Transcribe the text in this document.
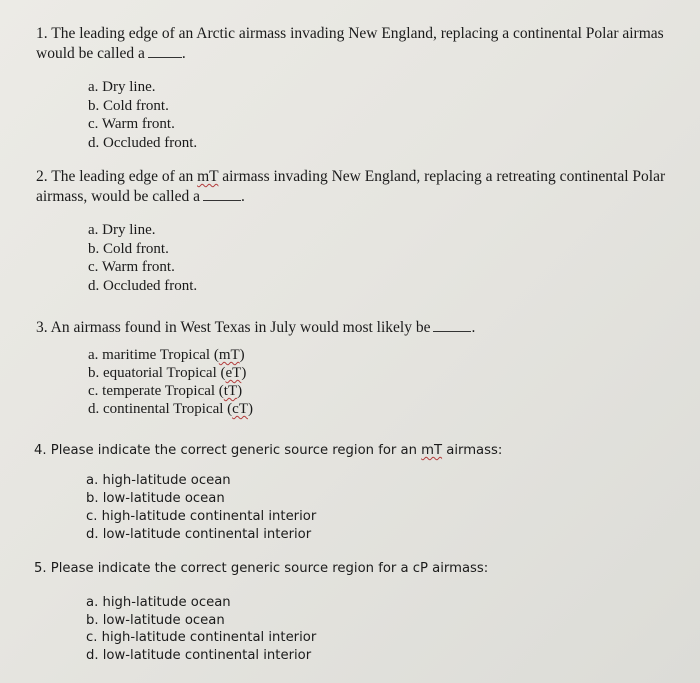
1. The leading edge of an Arctic airmass invading New England, replacing a continental Polar airmas
would be called a .
a. Dry line.
b. Cold front.
c. Warm front.
d. Occluded front.
2. The leading edge of an mT airmass invading New England, replacing a retreating continental Polar
airmass, would be called a	.
a. Dry line.
b. Cold front.
c. Warm front.
d. Occluded front.
3. An airmass found in West Texas in July would most likely be	.
a. maritime Tropical (mT)
b. equatorial Tropical (eT)
c. temperate Tropical (tT)
d. continental Tropical (cT)
4. Please indicate the correct generic source region for an mT airmass:
a. high-latitude ocean
b. low-latitude ocean
c. high-latitude continental interior
d. low-latitude continental interior
5. Please indicate the correct generic source region for a cP airmass:
a. high-latitude ocean
b. low-latitude ocean
c. high-latitude continental interior
d. low-latitude continental interior
